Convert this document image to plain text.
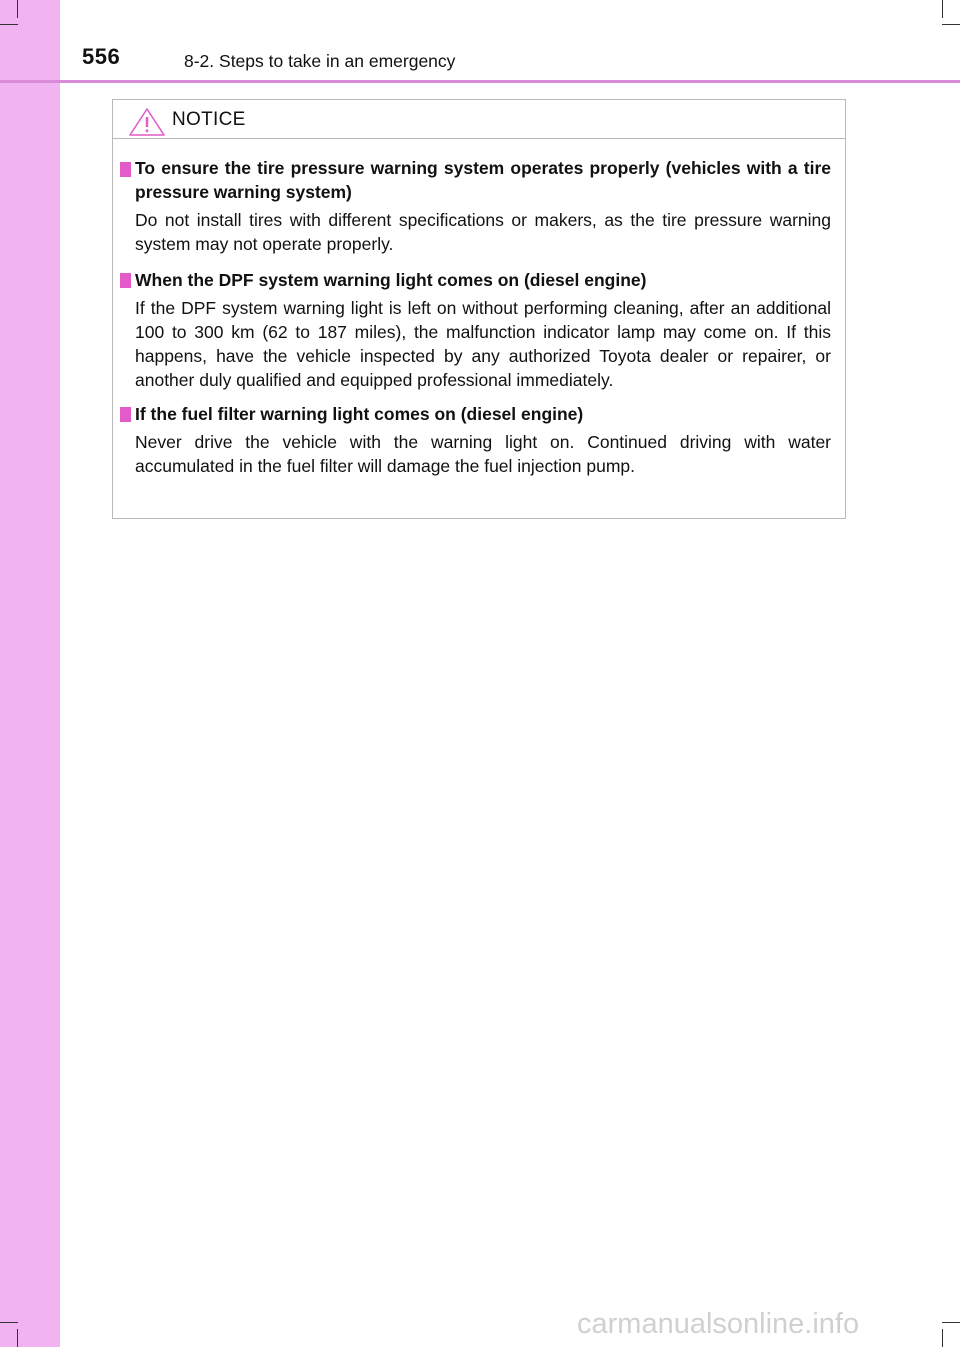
556	8-2. Steps to take in an emergency
NOTICE

To ensure the tire pressure warning system operates properly (vehicles with a tire pressure warning system)

Do not install tires with different specifications or makers, as the tire pressure warning system may not operate properly.

When the DPF system warning light comes on (diesel engine)

If the DPF system warning light is left on without performing cleaning, after an additional 100 to 300 km (62 to 187 miles), the malfunction indicator lamp may come on. If this happens, have the vehicle inspected by any authorized Toyota dealer or repairer, or another duly qualified and equipped professional immediately.

If the fuel filter warning light comes on (diesel engine)

Never drive the vehicle with the warning light on. Continued driving with water accumulated in the fuel filter will damage the fuel injection pump.

carmanualsonline.info
